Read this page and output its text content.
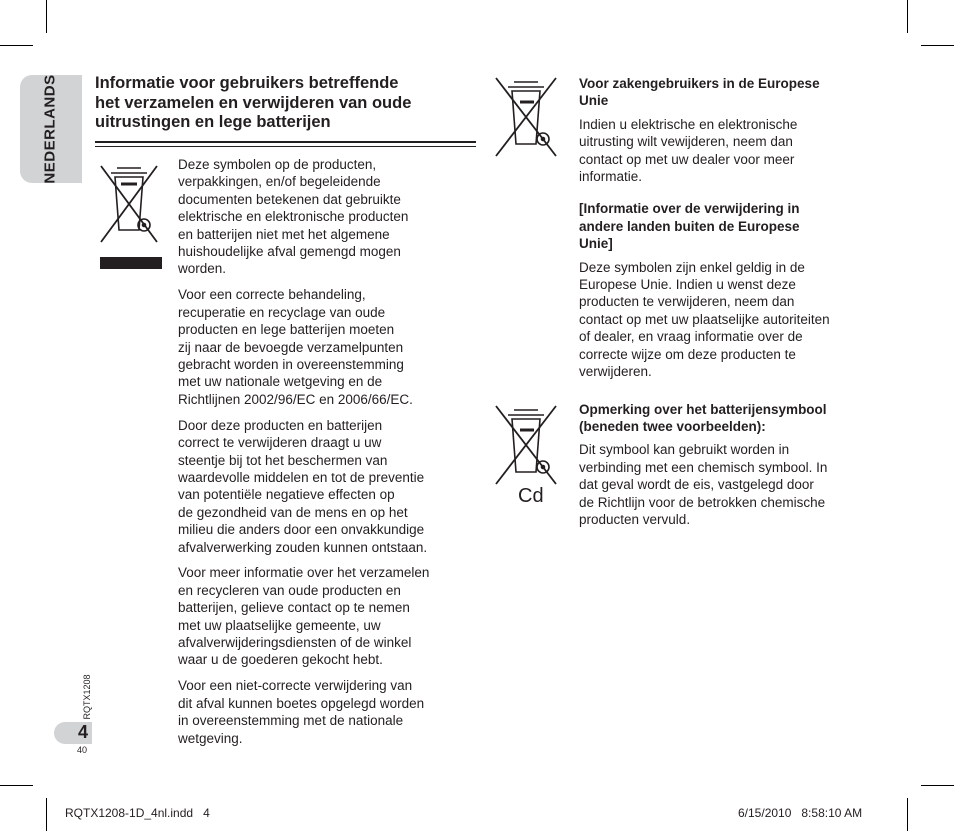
NEDERLANDS Informatie voor gebruikers betreffende
het verzamelen en verwijderen van oude
uitrustingen en lege batterijen

Deze symbolen op de producten,
verpakkingen, en/of begeleidende
documenten betekenen dat gebruikte
elektrische en elektronische producten
en batterijen niet met het algemene
huishoudelijke afval gemengd mogen
worden.

Voor een correcte behandeling,
recuperatie en recyclage van oude
producten en lege batterijen moeten
zij naar de bevoegde verzamelpunten
gebracht worden in overeenstemming
met uw nationale wetgeving en de
Richtlijnen 2002/96/EC en 2006/66/EC.

Door deze producten en batterijen
correct te verwijderen draagt u uw
steentje bij tot het beschermen van
waardevolle middelen en tot de preventie
van potentiële negatieve effecten op
de gezondheid van de mens en op het
milieu die anders door een onvakkundige
afvalverwerking zouden kunnen ontstaan.

Voor meer informatie over het verzamelen
en recycleren van oude producten en
batterijen, gelieve contact op te nemen
met uw plaatselijke gemeente, uw
afvalverwijderingsdiensten of de winkel
waar u de goederen gekocht hebt.

Voor een niet-correcte verwijdering van
dit afval kunnen boetes opgelegd worden
in overeenstemming met de nationale
wetgeving.

Cd
Voor zakengebruikers in de Europese
Unie

Indien u elektrische en elektronische
uitrusting wilt vewijderen, neem dan
contact op met uw dealer voor meer
informatie.

[Informatie over de verwijdering in
andere landen buiten de Europese
Unie]

Deze symbolen zijn enkel geldig in de
Europese Unie. Indien u wenst deze
producten te verwijderen, neem dan
contact op met uw plaatselijke autoriteiten
of dealer, en vraag informatie over de
correcte wijze om deze producten te
verwijderen.

Opmerking over het batterijensymbool
(beneden twee voorbeelden):

Dit symbool kan gebruikt worden in
verbinding met een chemisch symbool. In
dat geval wordt de eis, vastgelegd door
de Richtlijn voor de betrokken chemische
producten vervuld.

RQTX1208
4
40
RQTX1208-1D_4nl.indd   4	6/15/2010   8:58:10 AM
